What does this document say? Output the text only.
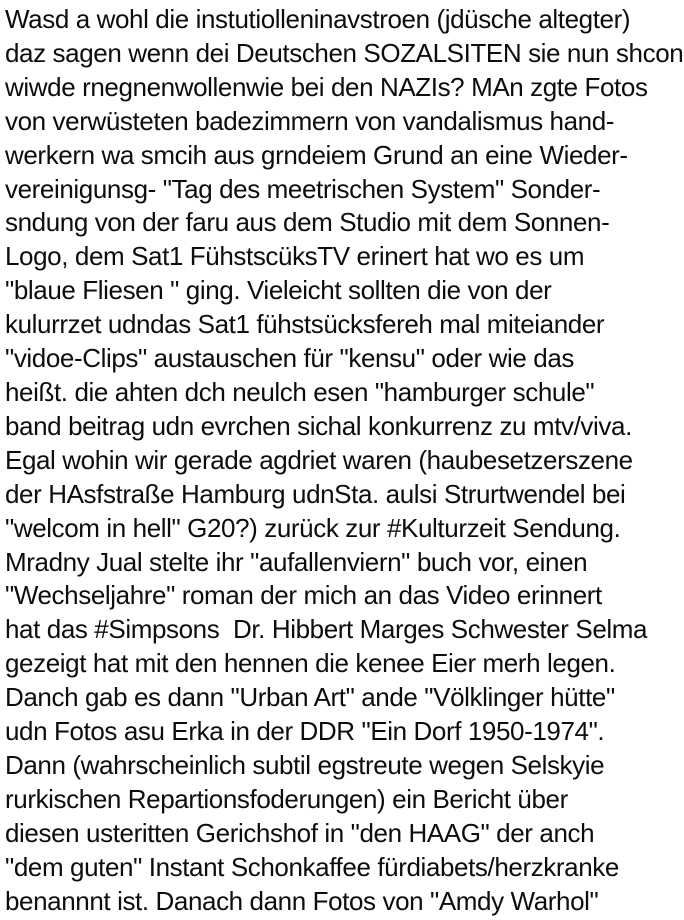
Wasd a wohl die instutiolleninavstroen (jdüsche altegter)
daz sagen wenn dei Deutschen SOZALSITEN sie nun shcon
wiwde rnegnenwollenwie bei den NAZIs? MAn zgte Fotos
von verwüsteten badezimmern von vandalismus hand-
werkern wa smcih aus grndeiem Grund an eine Wieder-
vereinigunsg- "Tag des meetrischen System" Sonder-
sndung von der faru aus dem Studio mit dem Sonnen-
Logo, dem Sat1 FühstscüksTV erinert hat wo es um
"blaue Fliesen " ging. Vieleicht sollten die von der
kulurrzet udndas Sat1 fühstsücksfereh mal miteiander
"vidoe-Clips" austauschen für "kensu" oder wie das
heißt. die ahten dch neulch esen "hamburger schule"
band beitrag udn evrchen sichal konkurrenz zu mtv/viva.
Egal wohin wir gerade agdriet waren (haubesetzerszene
der HAsfstraße Hamburg udnSta. aulsi Strurtwendel bei
"welcom in hell" G20?) zurück zur #Kulturzeit Sendung.
Mradny Jual stelte ihr "aufallenviern" buch vor, einen
"Wechseljahre" roman der mich an das Video erinnert
hat das #Simpsons  Dr. Hibbert Marges Schwester Selma
gezeigt hat mit den hennen die kenee Eier merh legen.
Danch gab es dann "Urban Art" ande "Völklinger hütte"
udn Fotos asu Erka in der DDR "Ein Dorf 1950-1974".
Dann (wahrscheinlich subtil egstreute wegen Selskyie
rurkischen Repartionsfoderungen) ein Bericht über
diesen usteritten Gerichshof in "den HAAG" der anch
"dem guten" Instant Schonkaffee fürdiabets/herzkranke
benannnt ist. Danach dann Fotos von "Amdy Warhol"
